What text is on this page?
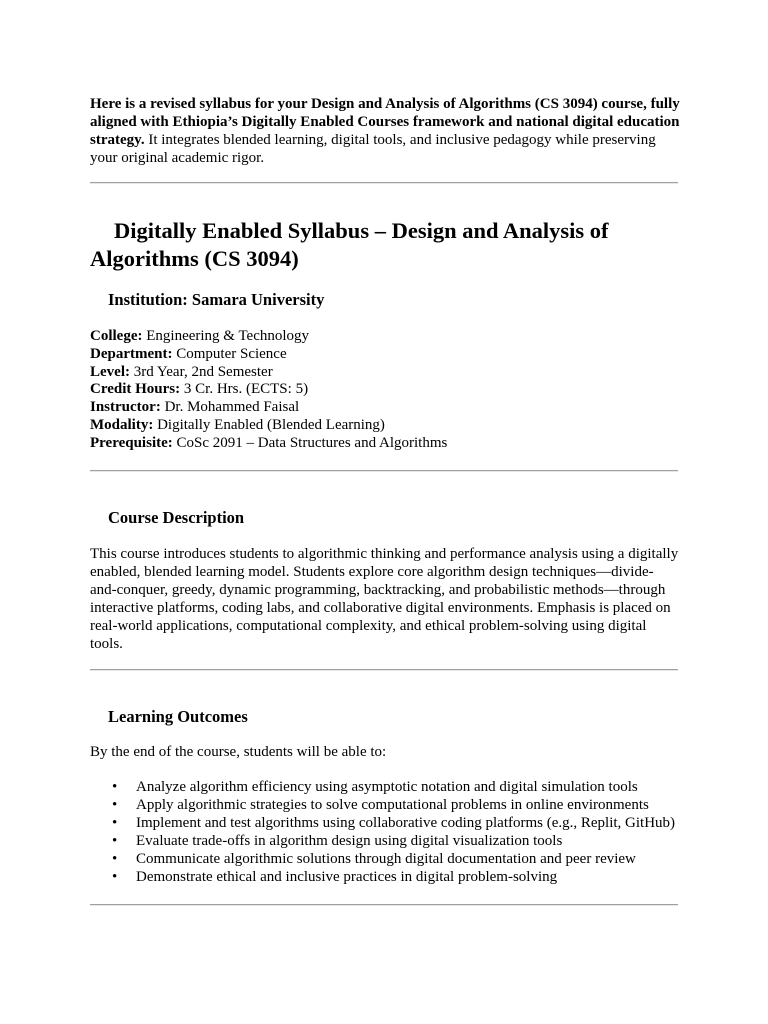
Here is a revised syllabus for your Design and Analysis of Algorithms (CS 3094) course, fully aligned with Ethiopia’s Digitally Enabled Courses framework and national digital education strategy. It integrates blended learning, digital tools, and inclusive pedagogy while preserving your original academic rigor.

Digitally Enabled Syllabus – Design and Analysis of Algorithms (CS 3094)
Institution: Samara University
College: Engineering & Technology
Department: Computer Science
Level: 3rd Year, 2nd Semester
Credit Hours: 3 Cr. Hrs. (ECTS: 5)
Instructor: Dr. Mohammed Faisal
Modality: Digitally Enabled (Blended Learning)
Prerequisite: CoSc 2091 – Data Structures and Algorithms
Course Description

This course introduces students to algorithmic thinking and performance analysis using a digitally enabled, blended learning model. Students explore core algorithm design techniques—divide-and-conquer, greedy, dynamic programming, backtracking, and probabilistic methods—through interactive platforms, coding labs, and collaborative digital environments. Emphasis is placed on real-world applications, computational complexity, and ethical problem-solving using digital tools.

Learning Outcomes

By the end of the course, students will be able to:

• Analyze algorithm efficiency using asymptotic notation and digital simulation tools
• Apply algorithmic strategies to solve computational problems in online environments
• Implement and test algorithms using collaborative coding platforms (e.g., Replit, GitHub)
• Evaluate trade-offs in algorithm design using digital visualization tools
• Communicate algorithmic solutions through digital documentation and peer review
• Demonstrate ethical and inclusive practices in digital problem-solving
